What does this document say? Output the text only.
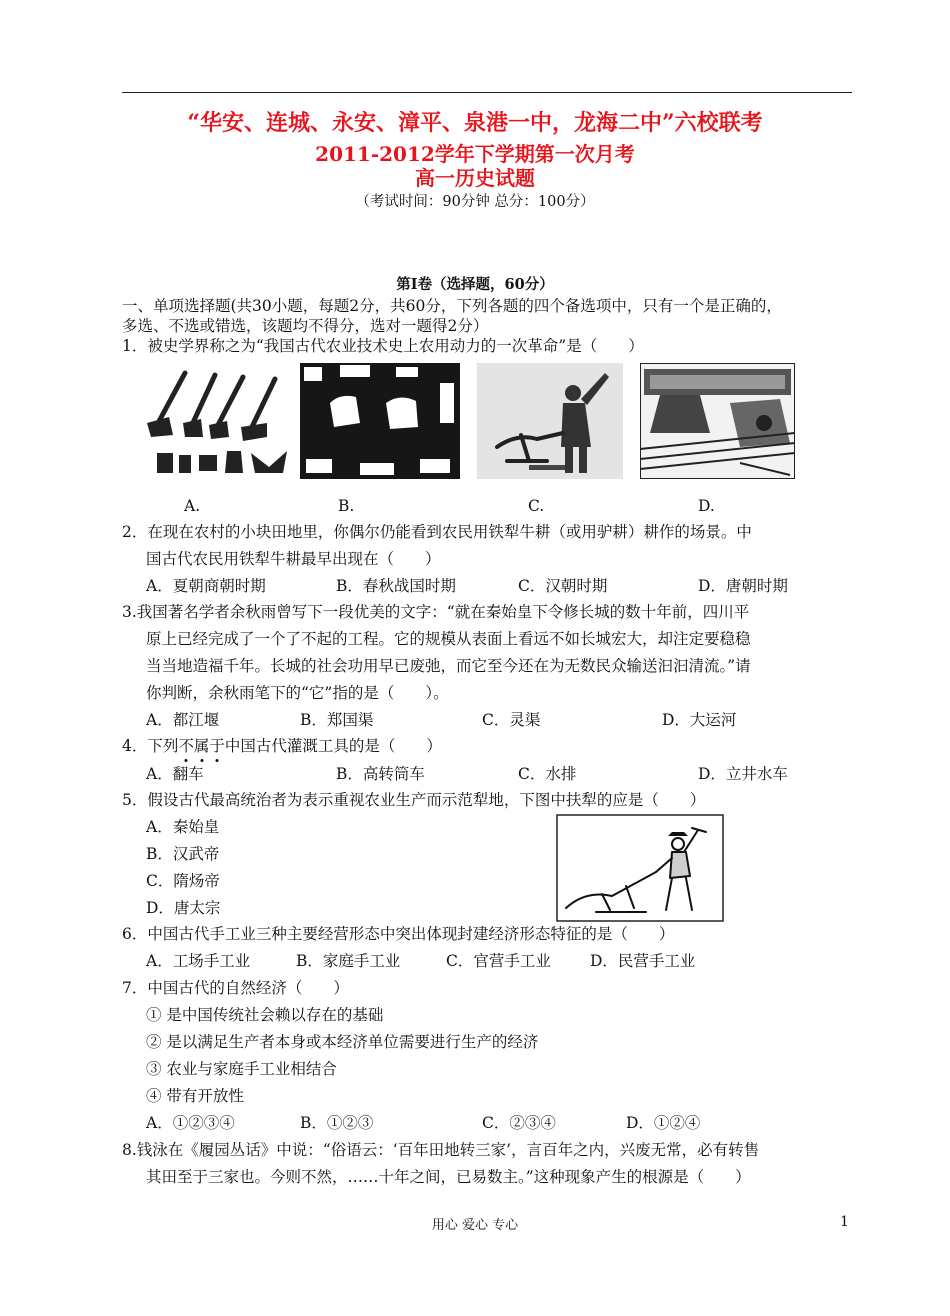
“华安、连城、永安、漳平、泉港一中，龙海二中”六校联考
2011-2012学年下学期第一次月考
高一历史试题
（考试时间：90分钟 总分：100分）
第Ⅰ卷（选择题，60分）
一、单项选择题(共30小题，每题2分，共60分，下列各题的四个备选项中，只有一个是正确的，
多选、不选或错选，该题均不得分，选对一题得2分）
1．被史学界称之为“我国古代农业技术史上农用动力的一次革命”是（　　）
A.	B.	C.	D.
2．在现在农村的小块田地里，你偶尔仍能看到农民用铁犁牛耕（或用驴耕）耕作的场景。中
国古代农民用铁犁牛耕最早出现在（　　）
A．夏朝商朝时期	B．春秋战国时期	C．汉朝时期	D．唐朝时期
3.我国著名学者余秋雨曾写下一段优美的文字：“就在秦始皇下令修长城的数十年前，四川平
原上已经完成了一个了不起的工程。它的规模从表面上看远不如长城宏大，却注定要稳稳
当当地造福千年。长城的社会功用早已废弛，而它至今还在为无数民众输送汩汩清流。”请
你判断，余秋雨笔下的“它”指的是（　　）。
A．都江堰	B．郑国渠	C．灵渠	D．大运河
4．下列不
属
于
中国古代灌溉工具的是（　　）
A．翻车	B．高转筒车	C．水排	D．立井水车
5．假设古代最高统治者为表示重视农业生产而示范犁地，下图中扶犁的应是（　　）
A．秦始皇
B．汉武帝
C．隋炀帝
D．唐太宗
6．中国古代手工业三种主要经营形态中突出体现封建经济形态特征的是（　　）
A．工场手工业	B．家庭手工业	C．官营手工业	D．民营手工业
7．中国古代的自然经济（　　）
① 是中国传统社会赖以存在的基础
② 是以满足生产者本身或本经济单位需要进行生产的经济
③ 农业与家庭手工业相结合
④ 带有开放性
A．①②③④	B．①②③	C．②③④	D．①②④
8.钱泳在《履园丛话》中说：“俗语云：‘百年田地转三家’，言百年之内，兴废无常，必有转售
其田至于三家也。今则不然，……十年之间，已易数主。”这种现象产生的根源是（　　）
用心 爱心 专心	1
